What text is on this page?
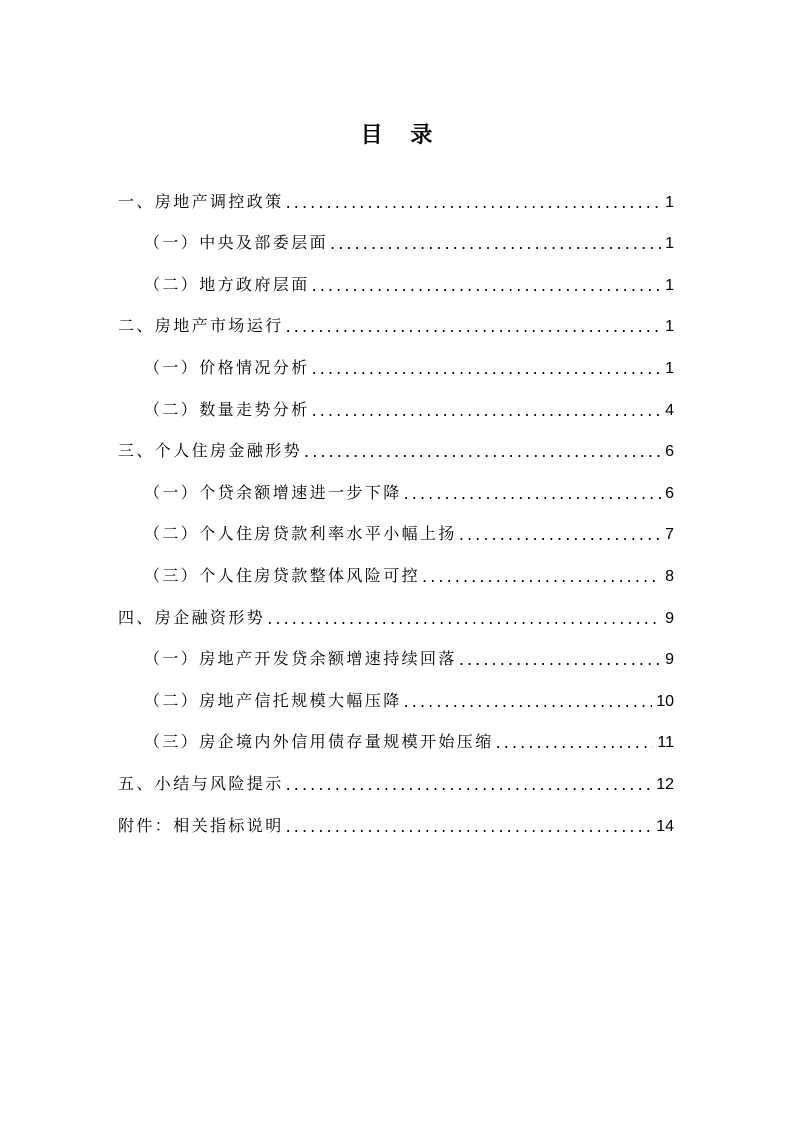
目 录
一、房地产调控政策 .....	1
（一）中央及部委层面 .....	1
（二）地方政府层面 .....	1
二、房地产市场运行 .....	1
（一）价格情况分析 .....	1
（二）数量走势分析 .....	4
三、个人住房金融形势 .....	6
（一）个贷余额增速进一步下降 .....	6
（二）个人住房贷款利率水平小幅上扬 .....	7
（三）个人住房贷款整体风险可控 .....	8
四、房企融资形势 .....	9
（一）房地产开发贷余额增速持续回落 .....	9
（二）房地产信托规模大幅压降 .....	10
（三）房企境内外信用债存量规模开始压缩 .....	11
五、小结与风险提示 .....	12
附件：相关指标说明 .....	14
